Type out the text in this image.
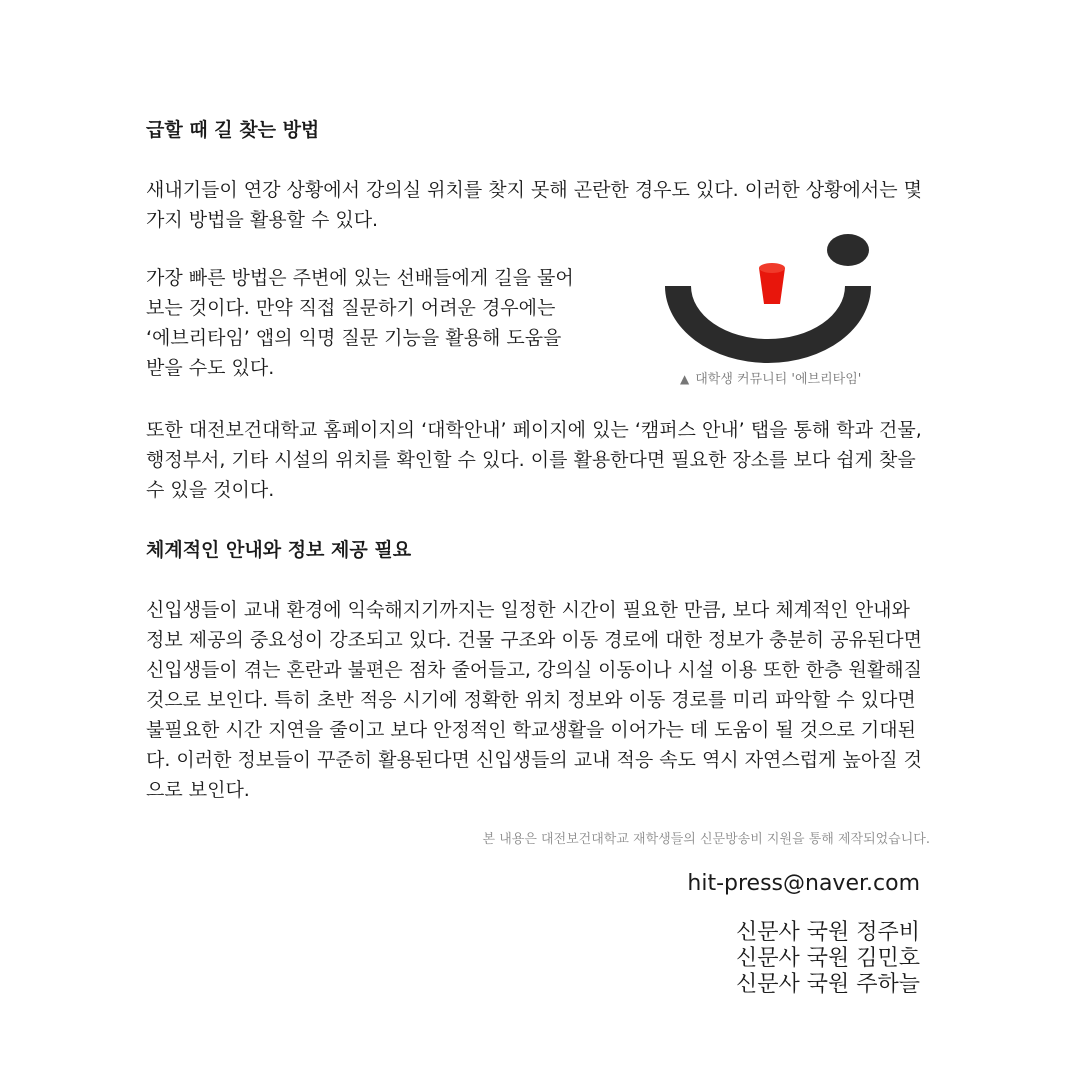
급할 때 길 찾는 방법

새내기들이 연강 상황에서 강의실 위치를 찾지 못해 곤란한 경우도 있다. 이러한 상황에서는 몇
가지 방법을 활용할 수 있다.

가장 빠른 방법은 주변에 있는 선배들에게 길을 물어
보는 것이다. 만약 직접 질문하기 어려운 경우에는
‘에브리타임’ 앱의 익명 질문 기능을 활용해 도움을
받을 수도 있다.	▲ 대학생 커뮤니티 '에브리타임'

또한 대전보건대학교 홈페이지의 ‘대학안내’ 페이지에 있는 ‘캠퍼스 안내’ 탭을 통해 학과 건물,
행정부서, 기타 시설의 위치를 확인할 수 있다. 이를 활용한다면 필요한 장소를 보다 쉽게 찾을
수 있을 것이다.

체계적인 안내와 정보 제공 필요

신입생들이 교내 환경에 익숙해지기까지는 일정한 시간이 필요한 만큼, 보다 체계적인 안내와
정보 제공의 중요성이 강조되고 있다. 건물 구조와 이동 경로에 대한 정보가 충분히 공유된다면
신입생들이 겪는 혼란과 불편은 점차 줄어들고, 강의실 이동이나 시설 이용 또한 한층 원활해질
것으로 보인다. 특히 초반 적응 시기에 정확한 위치 정보와 이동 경로를 미리 파악할 수 있다면
불필요한 시간 지연을 줄이고 보다 안정적인 학교생활을 이어가는 데 도움이 될 것으로 기대된
다. 이러한 정보들이 꾸준히 활용된다면 신입생들의 교내 적응 속도 역시 자연스럽게 높아질 것
으로 보인다.

본 내용은 대전보건대학교 재학생들의 신문방송비 지원을 통해 제작되었습니다.

hit-press@naver.com

신문사 국원 정주비
신문사 국원 김민호
신문사 국원 주하늘
